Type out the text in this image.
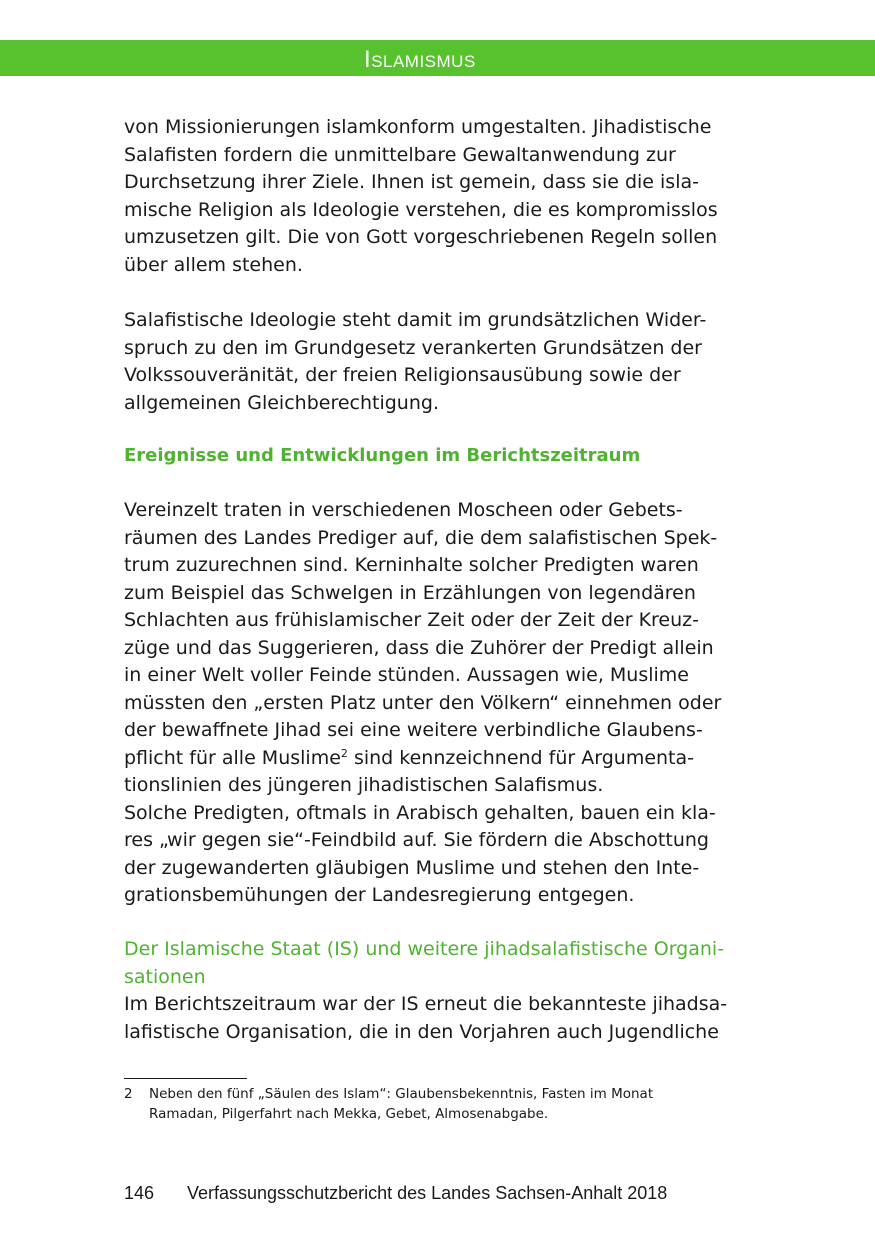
Islamismus
von Missionierungen islamkonform umgestalten. Jihadistische
Salafisten fordern die unmittelbare Gewaltanwendung zur
Durchsetzung ihrer Ziele. Ihnen ist gemein, dass sie die isla-
mische Religion als Ideologie verstehen, die es kompromisslos
umzusetzen gilt. Die von Gott vorgeschriebenen Regeln sollen
über allem stehen.
Salafistische Ideologie steht damit im grundsätzlichen Wider-
spruch zu den im Grundgesetz verankerten Grundsätzen der
Volkssouveränität, der freien Religionsausübung sowie der
allgemeinen Gleichberechtigung.
Ereignisse und Entwicklungen im Berichtszeitraum
Vereinzelt traten in verschiedenen Moscheen oder Gebets-
räumen des Landes Prediger auf, die dem salafistischen Spek-
trum zuzurechnen sind. Kerninhalte solcher Predigten waren
zum Beispiel das Schwelgen in Erzählungen von legendären
Schlachten aus frühislamischer Zeit oder der Zeit der Kreuz-
züge und das Suggerieren, dass die Zuhörer der Predigt allein
in einer Welt voller Feinde stünden. Aussagen wie, Muslime
müssten den „ersten Platz unter den Völkern“ einnehmen oder
der bewaffnete Jihad sei eine weitere verbindliche Glaubens-
pflicht für alle Muslime$^2$ sind kennzeichnend für Argumenta-
tionslinien des jüngeren jihadistischen Salafismus.
Solche Predigten, oftmals in Arabisch gehalten, bauen ein kla-
res „wir gegen sie“-Feindbild auf. Sie fördern die Abschottung
der zugewanderten gläubigen Muslime und stehen den Inte-
grationsbemühungen der Landesregierung entgegen.
Der Islamische Staat (IS) und weitere jihadsalafistische Organi-
sationen
Im Berichtszeitraum war der IS erneut die bekannteste jihadsa-
lafistische Organisation, die in den Vorjahren auch Jugendliche
2 Neben den fünf „Säulen des Islam“: Glaubensbekenntnis, Fasten im Monat
Ramadan, Pilgerfahrt nach Mekka, Gebet, Almosenabgabe.
146 Verfassungsschutzbericht des Landes Sachsen-Anhalt 2018
